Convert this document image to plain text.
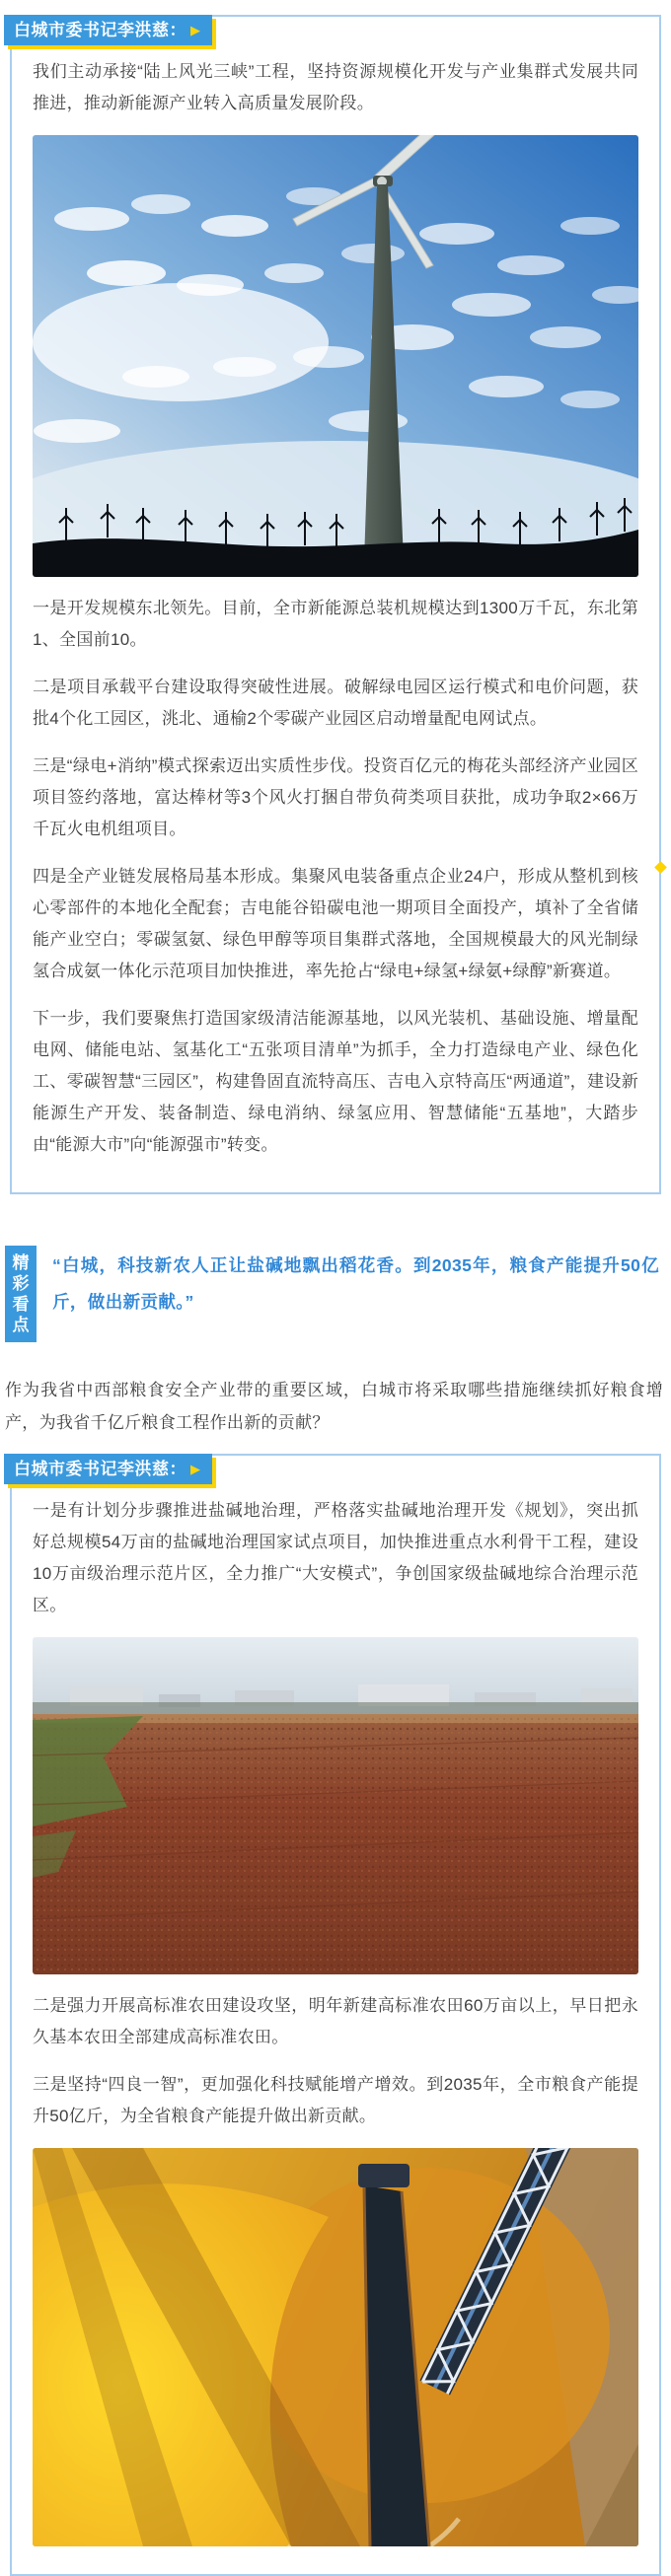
白城市委书记李洪慈： ▶

我们主动承接“陆上风光三峡”工程，坚持资源规模化开发与产业集群式发展共同推进，推动新能源产业转入高质量发展阶段。

一是开发规模东北领先。目前，全市新能源总装机规模达到1300万千瓦，东北第1、全国前10。

二是项目承载平台建设取得突破性进展。破解绿电园区运行模式和电价问题，获批4个化工园区，洮北、通榆2个零碳产业园区启动增量配电网试点。

三是“绿电+消纳”模式探索迈出实质性步伐。投资百亿元的梅花头部经济产业园区项目签约落地，富达棒材等3个风火打捆自带负荷类项目获批，成功争取2×66万千瓦火电机组项目。

四是全产业链发展格局基本形成。集聚风电装备重点企业24户，形成从整机到核心零部件的本地化全配套；吉电能谷铅碳电池一期项目全面投产，填补了全省储能产业空白；零碳氢氨、绿色甲醇等项目集群式落地，全国规模最大的风光制绿氢合成氨一体化示范项目加快推进，率先抢占“绿电+绿氢+绿氨+绿醇”新赛道。

下一步，我们要聚焦打造国家级清洁能源基地，以风光装机、基础设施、增量配电网、储能电站、氢基化工“五张项目清单”为抓手，全力打造绿电产业、绿色化工、零碳智慧“三园区”，构建鲁固直流特高压、吉电入京特高压“两通道”，建设新能源生产开发、装备制造、绿电消纳、绿氢应用、智慧储能“五基地”，大踏步由“能源大市”向“能源强市”转变。

精彩看点

“白城，科技新农人正让盐碱地飘出稻花香。到2035年，粮食产能提升50亿斤，做出新贡献。”

作为我省中西部粮食安全产业带的重要区域，白城市将采取哪些措施继续抓好粮食增产，为我省千亿斤粮食工程作出新的贡献？

白城市委书记李洪慈： ▶

一是有计划分步骤推进盐碱地治理，严格落实盐碱地治理开发《规划》，突出抓好总规模54万亩的盐碱地治理国家试点项目，加快推进重点水利骨干工程，建设10万亩级治理示范片区，全力推广“大安模式”，争创国家级盐碱地综合治理示范区。

二是强力开展高标准农田建设攻坚，明年新建高标准农田60万亩以上，早日把永久基本农田全部建成高标准农田。

三是坚持“四良一智”，更加强化科技赋能增产增效。到2035年，全市粮食产能提升50亿斤，为全省粮食产能提升做出新贡献。
